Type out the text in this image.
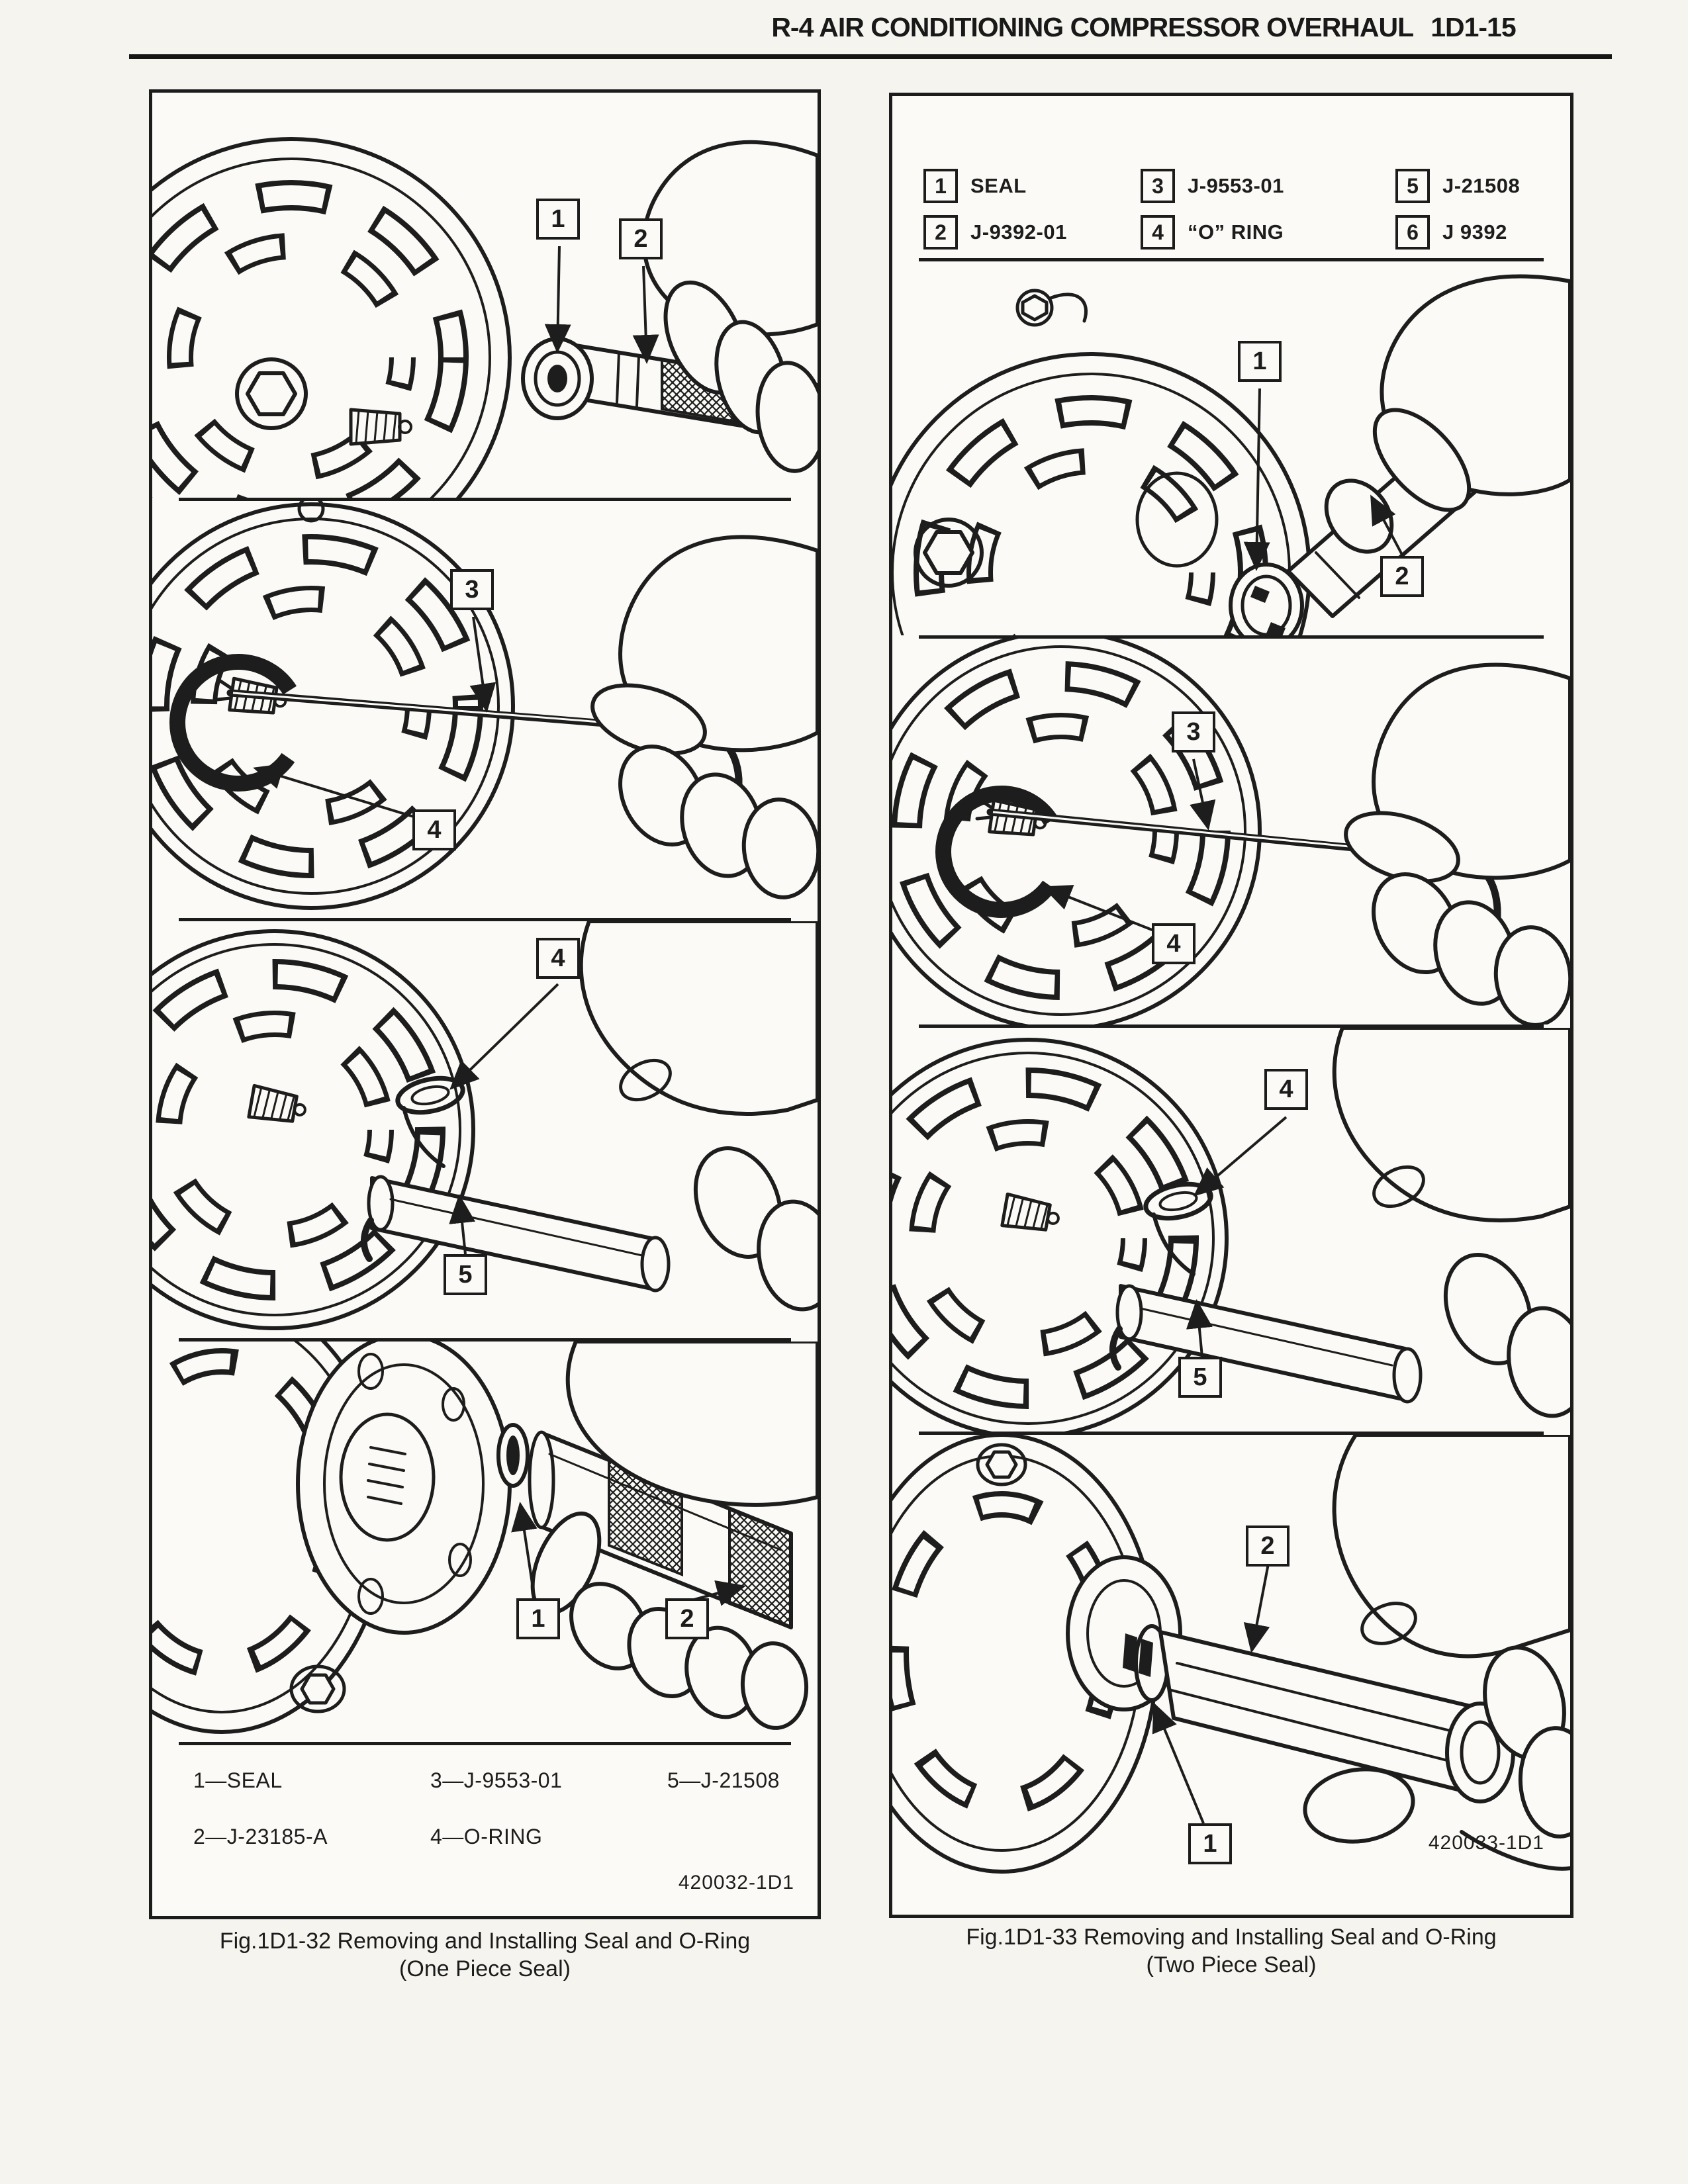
R-4 AIR CONDITIONING COMPRESSOR OVERHAUL 1D1-15
1
2
3
4
4
5
1	2
1—SEAL	3—J-9553-01	5—J-21508
2—J-23185-A	4—O-RING
420032-1D1
Fig.1D1-32 Removing and Installing Seal and O-Ring
(One Piece Seal)
1	SEAL	3	J-9553-01	5	J-21508
2	J-9392-01	4	“O” RING	6	J 9392
1
2
3
4
4
5
2
1	420033-1D1
Fig.1D1-33 Removing and Installing Seal and O-Ring
(Two Piece Seal)
